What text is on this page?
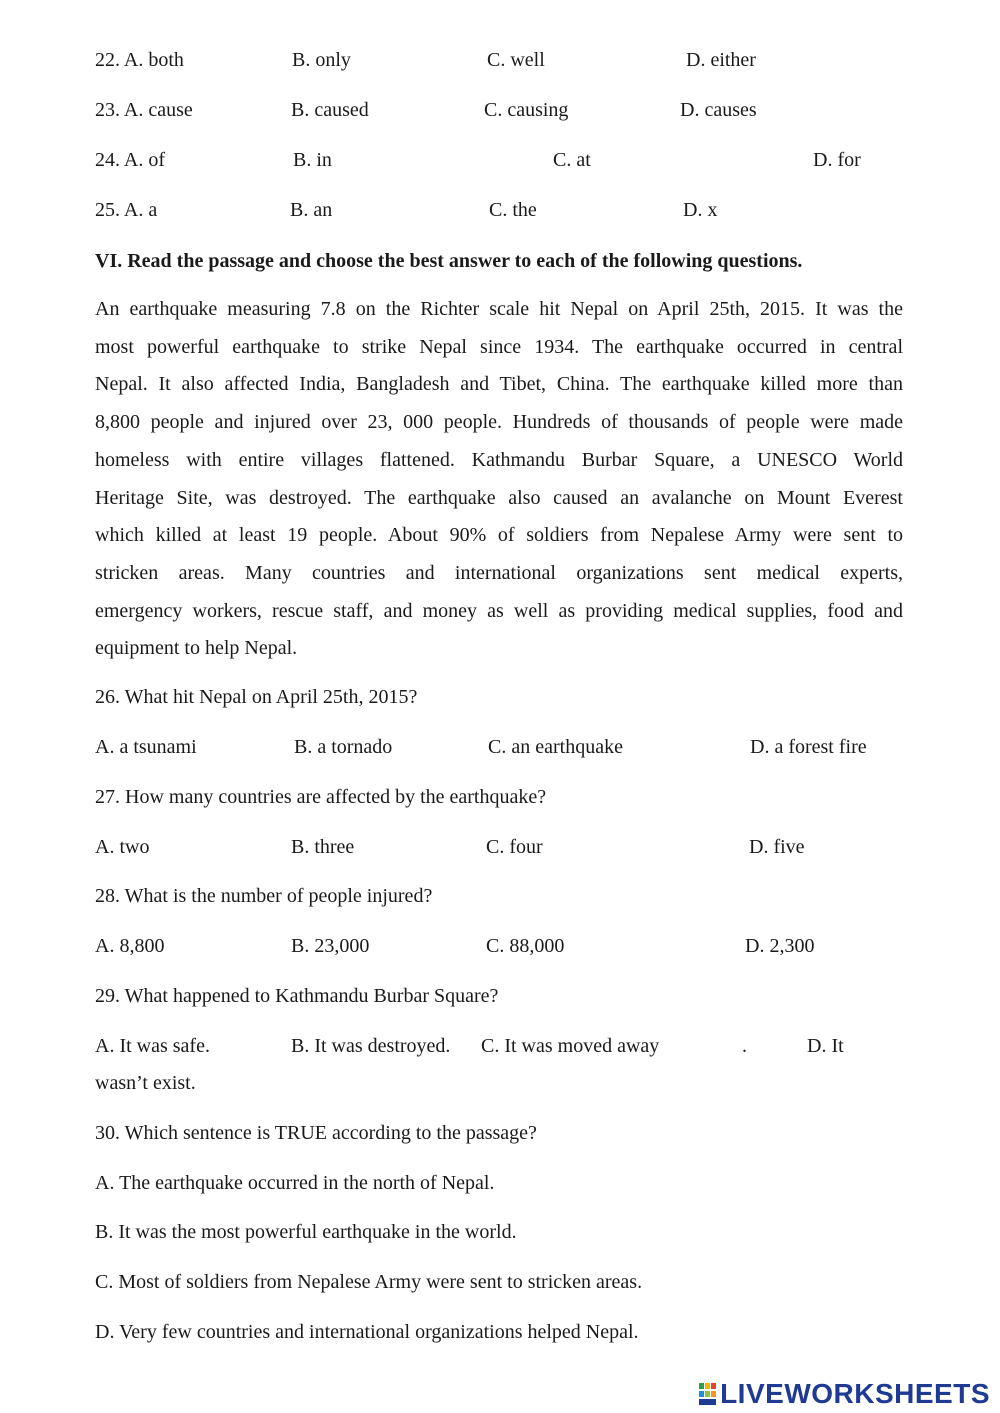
22. A. both	B. only	C. well	D. either
23. A. cause	B. caused	C. causing	D. causes
24. A. of	B. in	C. at	D. for
25. A. a	B. an	C. the	D. x
VI. Read the passage and choose the best answer to each of the following questions.

An earthquake measuring 7.8 on the Richter scale hit Nepal on April 25th, 2015. It was the
most powerful earthquake to strike Nepal since 1934. The earthquake occurred in central
Nepal. It also affected India, Bangladesh and Tibet, China. The earthquake killed more than
8,800 people and injured over 23, 000 people. Hundreds of thousands of people were made
homeless with entire villages flattened. Kathmandu Burbar Square, a UNESCO World
Heritage Site, was destroyed. The earthquake also caused an avalanche on Mount Everest
which killed at least 19 people. About 90% of soldiers from Nepalese Army were sent to
stricken areas. Many countries and international organizations sent medical experts,
emergency workers, rescue staff, and money as well as providing medical supplies, food and
equipment to help Nepal.

26. What hit Nepal on April 25th, 2015?
A. a tsunami	B. a tornado	C. an earthquake	D. a forest fire
27. How many countries are affected by the earthquake?
A. two	B. three	C. four	D. five
28. What is the number of people injured?
A. 8,800	B. 23,000	C. 88,000	D. 2,300
29. What happened to Kathmandu Burbar Square?
A. It was safe.	B. It was destroyed. C. It was moved away	.	D. It
wasn’t exist.
30. Which sentence is TRUE according to the passage?
A. The earthquake occurred in the north of Nepal.
B. It was the most powerful earthquake in the world.
C. Most of soldiers from Nepalese Army were sent to stricken areas.
D. Very few countries and international organizations helped Nepal.
LIVEWORKSHEETS
